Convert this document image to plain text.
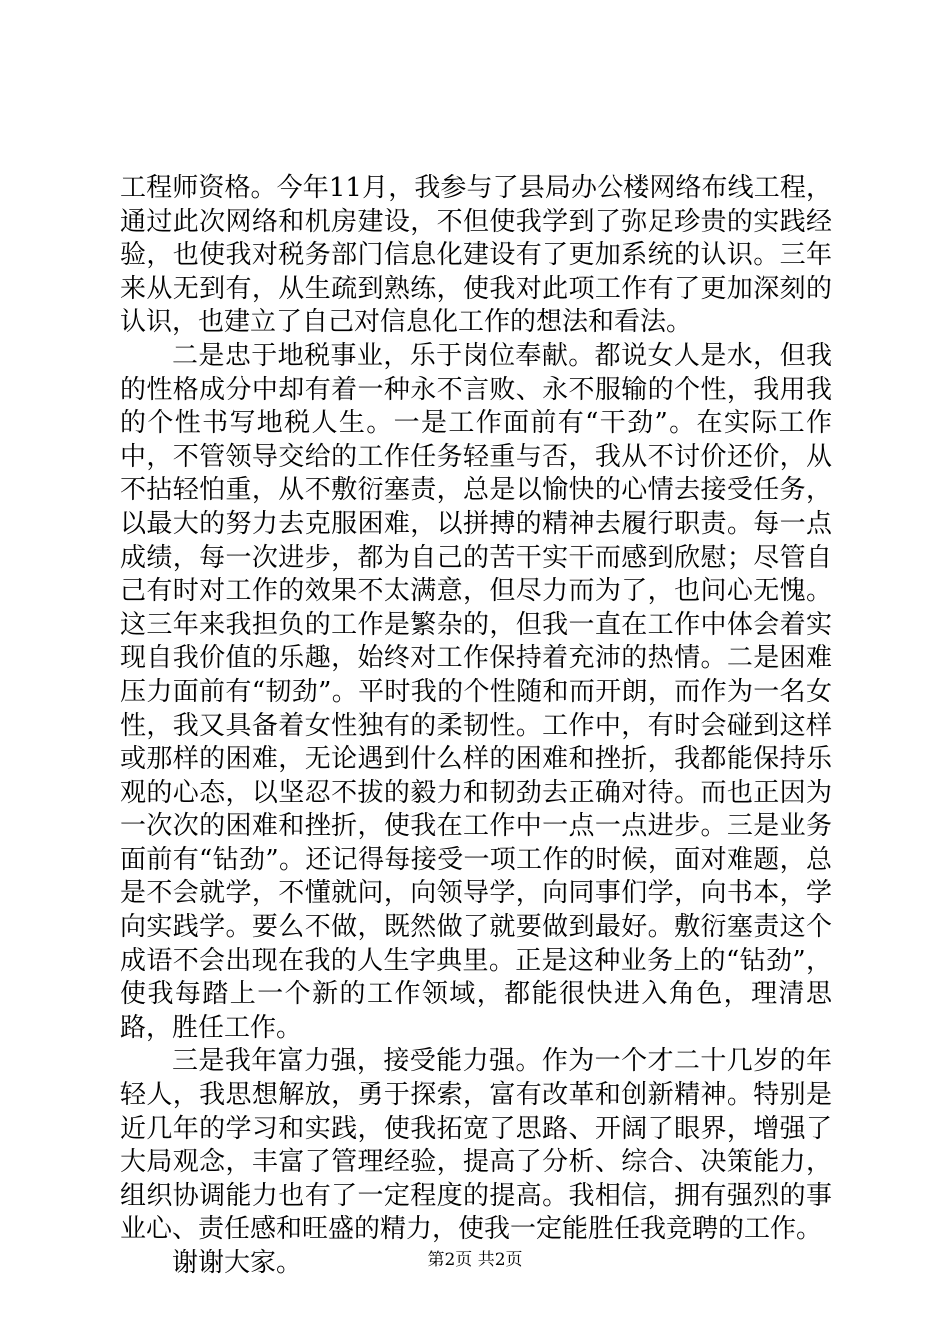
工程师资格。今年11月，我参与了县局办公楼网络布线工程，通过此次网络和机房建设，不但使我学到了弥足珍贵的实践经验，也使我对税务部门信息化建设有了更加系统的认识。三年来从无到有，从生疏到熟练，使我对此项工作有了更加深刻的认识，也建立了自己对信息化工作的想法和看法。

二是忠于地税事业，乐于岗位奉献。都说女人是水，但我的性格成分中却有着一种永不言败、永不服输的个性，我用我的个性书写地税人生。一是工作面前有“干劲”。在实际工作中，不管领导交给的工作任务轻重与否，我从不讨价还价，从不拈轻怕重，从不敷衍塞责，总是以愉快的心情去接受任务，以最大的努力去克服困难，以拼搏的精神去履行职责。每一点成绩，每一次进步，都为自己的苦干实干而感到欣慰；尽管自己有时对工作的效果不太满意，但尽力而为了，也问心无愧。这三年来我担负的工作是繁杂的，但我一直在工作中体会着实现自我价值的乐趣，始终对工作保持着充沛的热情。二是困难压力面前有“韧劲”。平时我的个性随和而开朗，而作为一名女性，我又具备着女性独有的柔韧性。工作中，有时会碰到这样或那样的困难，无论遇到什么样的困难和挫折，我都能保持乐观的心态，以坚忍不拔的毅力和韧劲去正确对待。而也正因为一次次的困难和挫折，使我在工作中一点一点进步。三是业务面前有“钻劲”。还记得每接受一项工作的时候，面对难题，总是不会就学，不懂就问，向领导学，向同事们学，向书本，学向实践学。要么不做，既然做了就要做到最好。敷衍塞责这个成语不会出现在我的人生字典里。正是这种业务上的“钻劲”，使我每踏上一个新的工作领域，都能很快进入角色，理清思路，胜任工作。

三是我年富力强，接受能力强。作为一个才二十几岁的年轻人，我思想解放，勇于探索，富有改革和创新精神。特别是近几年的学习和实践，使我拓宽了思路、开阔了眼界，增强了大局观念，丰富了管理经验，提高了分析、综合、决策能力，组织协调能力也有了一定程度的提高。我相信，拥有强烈的事业心、责任感和旺盛的精力，使我一定能胜任我竞聘的工作。

谢谢大家。	第2页 共2页
